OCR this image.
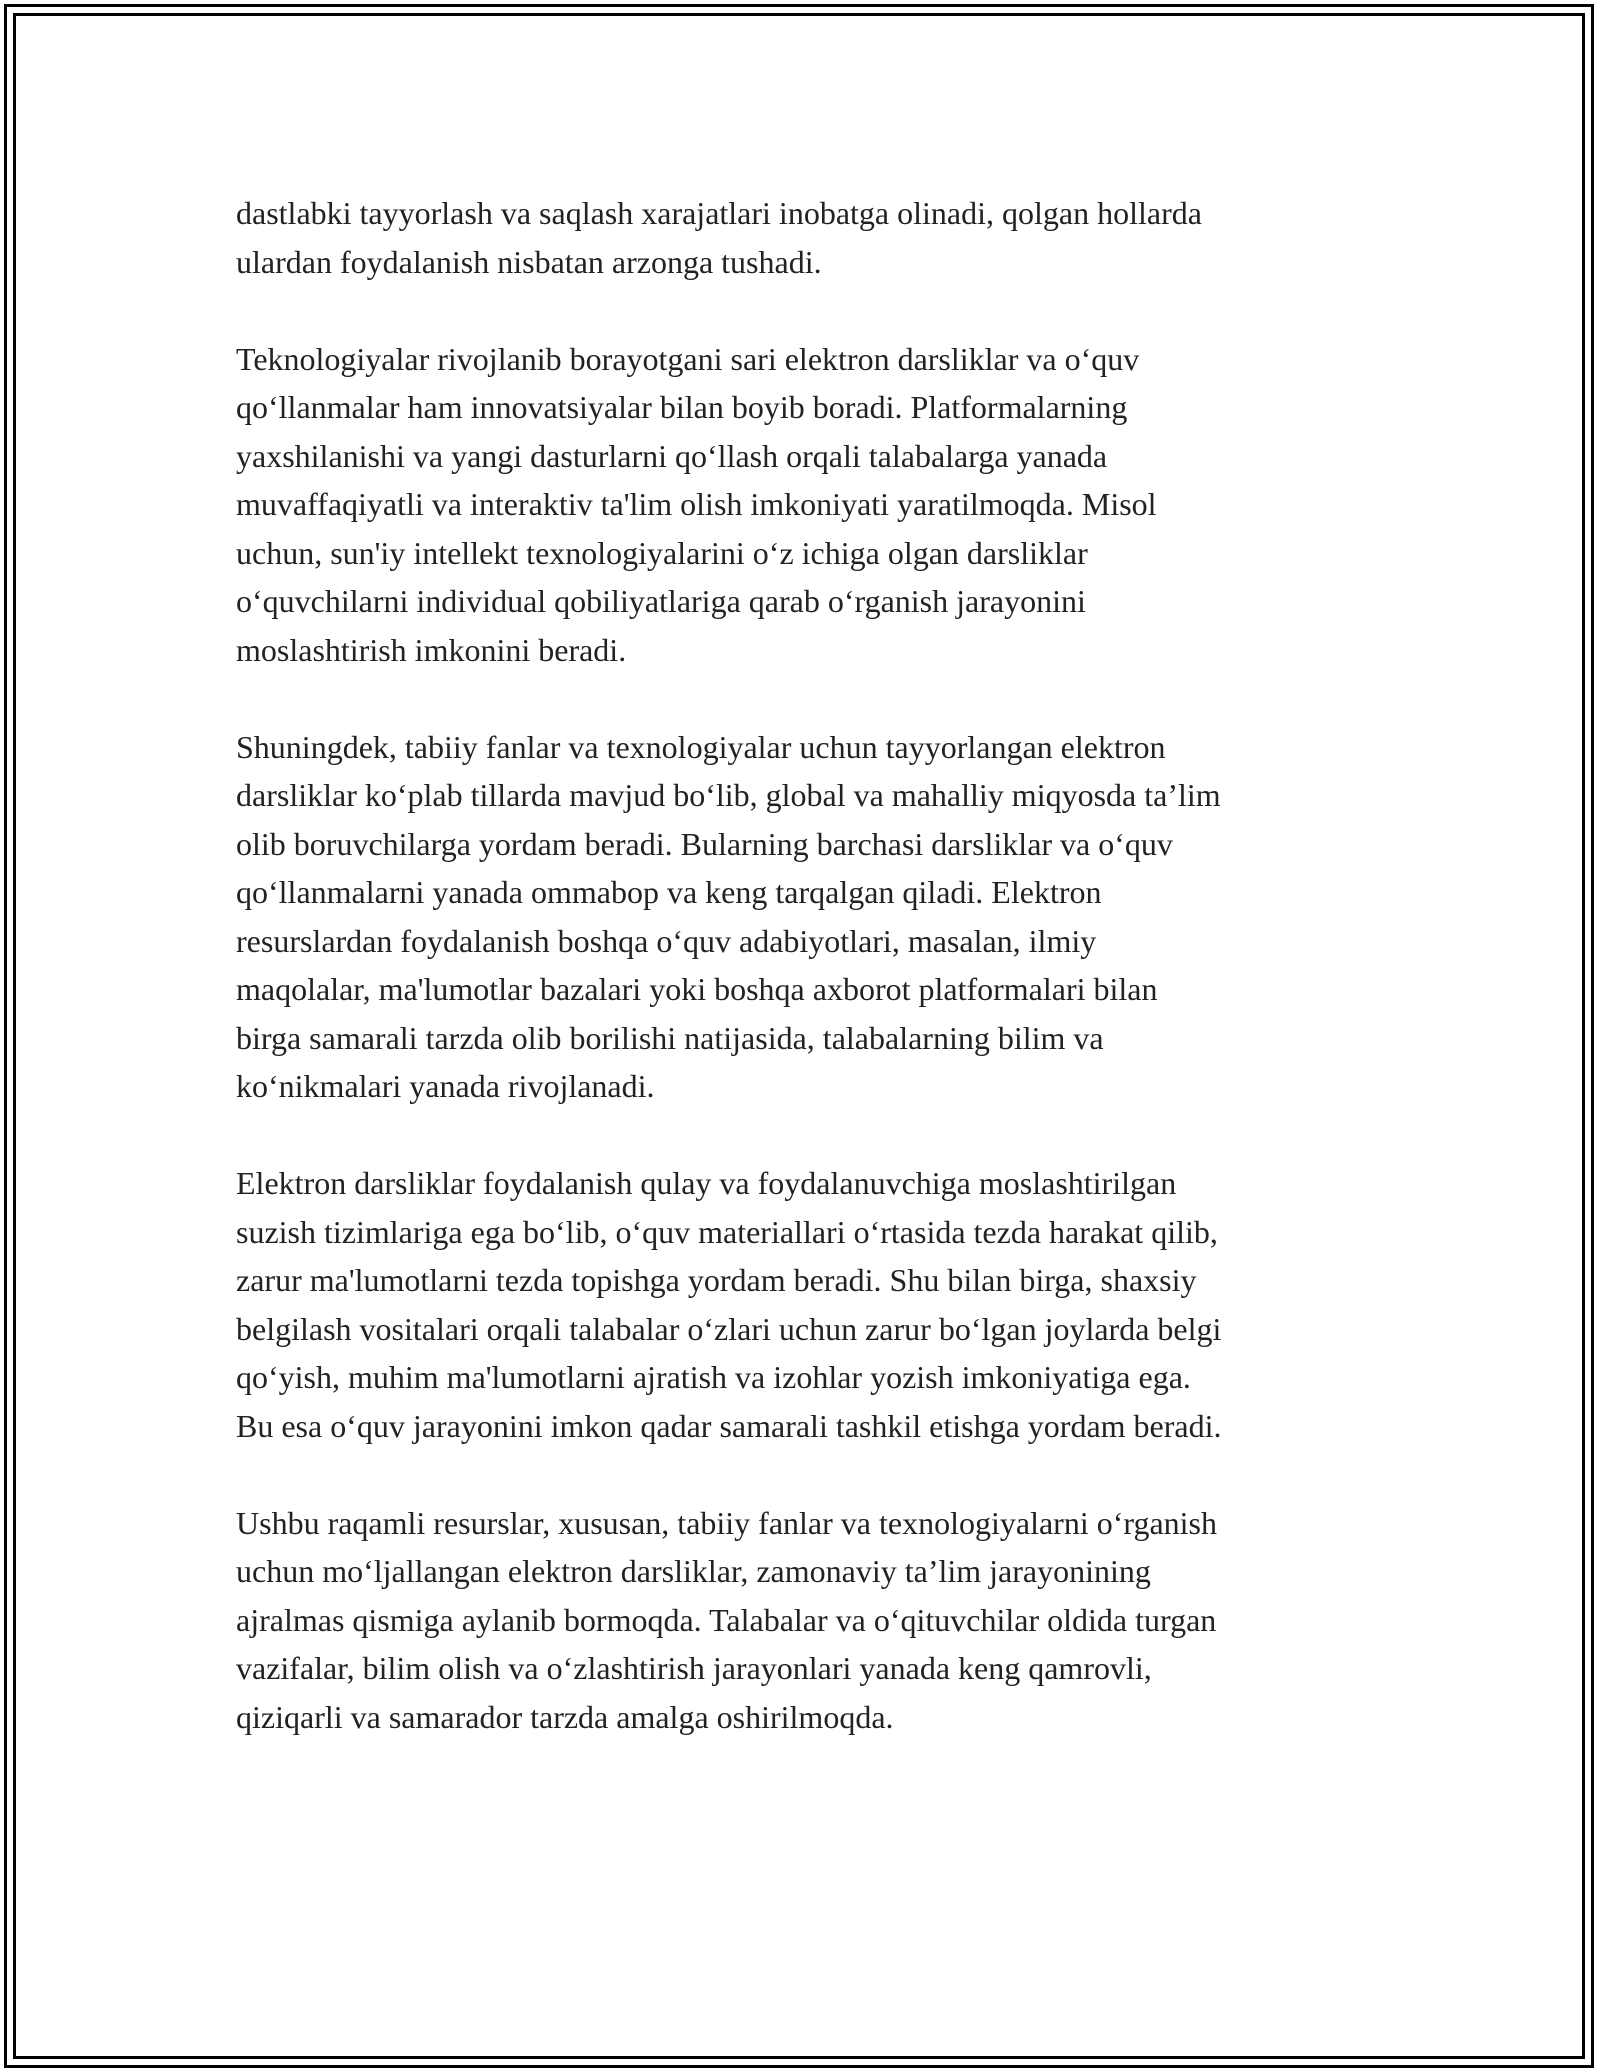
dastlabki tayyorlash va saqlash xarajatlari inobatga olinadi, qolgan hollarda
ulardan foydalanish nisbatan arzonga tushadi.

Teknologiyalar rivojlanib borayotgani sari elektron darsliklar va o‘quv
qo‘llanmalar ham innovatsiyalar bilan boyib boradi. Platformalarning
yaxshilanishi va yangi dasturlarni qo‘llash orqali talabalarga yanada
muvaffaqiyatli va interaktiv ta'lim olish imkoniyati yaratilmoqda. Misol
uchun, sun'iy intellekt texnologiyalarini o‘z ichiga olgan darsliklar
o‘quvchilarni individual qobiliyatlariga qarab o‘rganish jarayonini
moslashtirish imkonini beradi.

Shuningdek, tabiiy fanlar va texnologiyalar uchun tayyorlangan elektron
darsliklar ko‘plab tillarda mavjud bo‘lib, global va mahalliy miqyosda ta’lim
olib boruvchilarga yordam beradi. Bularning barchasi darsliklar va o‘quv
qo‘llanmalarni yanada ommabop va keng tarqalgan qiladi. Elektron
resurslardan foydalanish boshqa o‘quv adabiyotlari, masalan, ilmiy
maqolalar, ma'lumotlar bazalari yoki boshqa axborot platformalari bilan
birga samarali tarzda olib borilishi natijasida, talabalarning bilim va
ko‘nikmalari yanada rivojlanadi.

Elektron darsliklar foydalanish qulay va foydalanuvchiga moslashtirilgan
suzish tizimlariga ega bo‘lib, o‘quv materiallari o‘rtasida tezda harakat qilib,
zarur ma'lumotlarni tezda topishga yordam beradi. Shu bilan birga, shaxsiy
belgilash vositalari orqali talabalar o‘zlari uchun zarur bo‘lgan joylarda belgi
qo‘yish, muhim ma'lumotlarni ajratish va izohlar yozish imkoniyatiga ega.
Bu esa o‘quv jarayonini imkon qadar samarali tashkil etishga yordam beradi.

Ushbu raqamli resurslar, xususan, tabiiy fanlar va texnologiyalarni o‘rganish
uchun mo‘ljallangan elektron darsliklar, zamonaviy ta’lim jarayonining
ajralmas qismiga aylanib bormoqda. Talabalar va o‘qituvchilar oldida turgan
vazifalar, bilim olish va o‘zlashtirish jarayonlari yanada keng qamrovli,
qiziqarli va samarador tarzda amalga oshirilmoqda.
